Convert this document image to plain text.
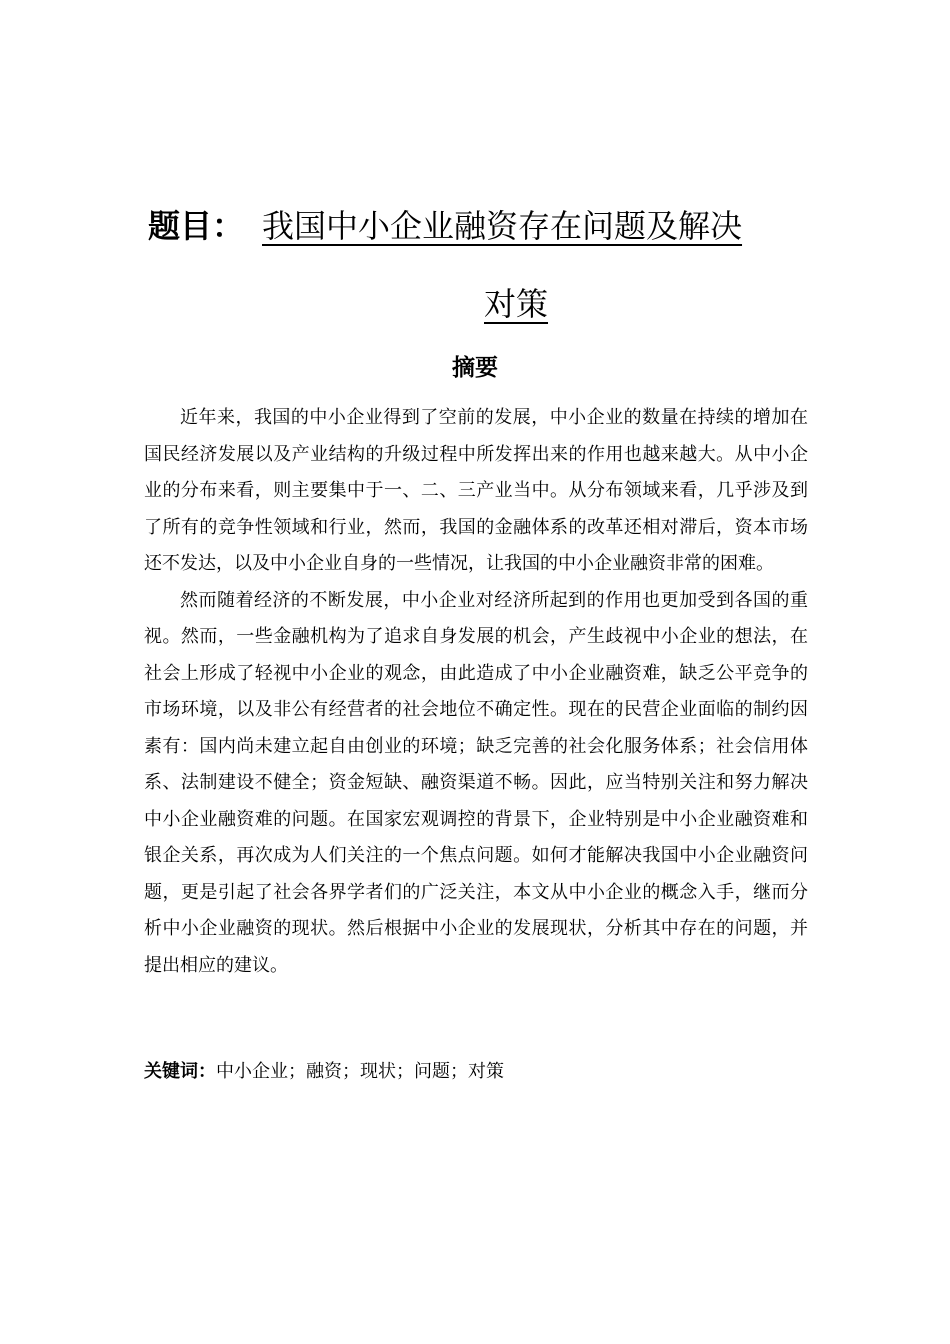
题目： 我国中小企业融资存在问题及解决
对策
摘要

近年来，我国的中小企业得到了空前的发展，中小企业的数量在持续的增加在国民经济发展以及产业结构的升级过程中所发挥出来的作用也越来越大。从中小企业的分布来看，则主要集中于一、二、三产业当中。从分布领域来看，几乎涉及到了所有的竞争性领域和行业，然而，我国的金融体系的改革还相对滞后，资本市场还不发达，以及中小企业自身的一些情况，让我国的中小企业融资非常的困难。

然而随着经济的不断发展，中小企业对经济所起到的作用也更加受到各国的重视。然而，一些金融机构为了追求自身发展的机会，产生歧视中小企业的想法，在社会上形成了轻视中小企业的观念，由此造成了中小企业融资难，缺乏公平竞争的市场环境，以及非公有经营者的社会地位不确定性。现在的民营企业面临的制约因素有：国内尚未建立起自由创业的环境；缺乏完善的社会化服务体系；社会信用体系、法制建设不健全；资金短缺、融资渠道不畅。因此，应当特别关注和努力解决中小企业融资难的问题。在国家宏观调控的背景下，企业特别是中小企业融资难和银企关系，再次成为人们关注的一个焦点问题。如何才能解决我国中小企业融资问题，更是引起了社会各界学者们的广泛关注，本文从中小企业的概念入手，继而分析中小企业融资的现状。然后根据中小企业的发展现状，分析其中存在的问题，并提出相应的建议。

关键词：中小企业；融资；现状；问题；对策
